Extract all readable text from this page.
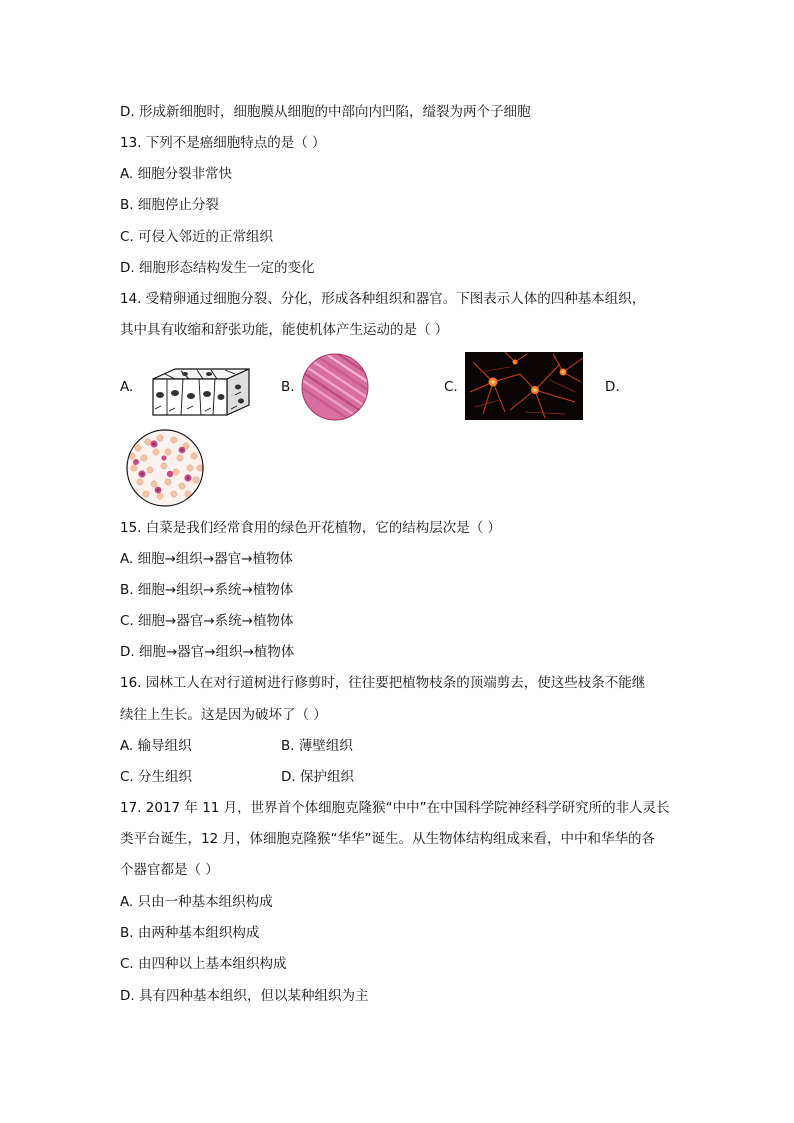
D. 形成新细胞时，细胞膜从细胞的中部向内凹陷，缢裂为两个子细胞
13. 下列不是癌细胞特点的是（ ）
A. 细胞分裂非常快
B. 细胞停止分裂
C. 可侵入邻近的正常组织
D. 细胞形态结构发生一定的变化
14. 受精卵通过细胞分裂、分化，形成各种组织和器官。下图表示人体的四种基本组织，
其中具有收缩和舒张功能，能使机体产生运动的是（ ）
A.	B.	C.	D.
15. 白菜是我们经常食用的绿色开花植物，它的结构层次是（ ）
A. 细胞→组织→器官→植物体
B. 细胞→组织→系统→植物体
C. 细胞→器官→系统→植物体
D. 细胞→器官→组织→植物体
16. 园林工人在对行道树进行修剪时，往往要把植物枝条的顶端剪去，使这些枝条不能继
续往上生长。这是因为破坏了（ ）
A. 输导组织	B. 薄壁组织
C. 分生组织	D. 保护组织
17. 2017 年 11 月，世界首个体细胞克隆猴“中中”在中国科学院神经科学研究所的非人灵长
类平台诞生，12 月，体细胞克隆猴“华华”诞生。从生物体结构组成来看，中中和华华的各
个器官都是（ ）
A. 只由一种基本组织构成
B. 由两种基本组织构成
C. 由四种以上基本组织构成
D. 具有四种基本组织，但以某种组织为主
